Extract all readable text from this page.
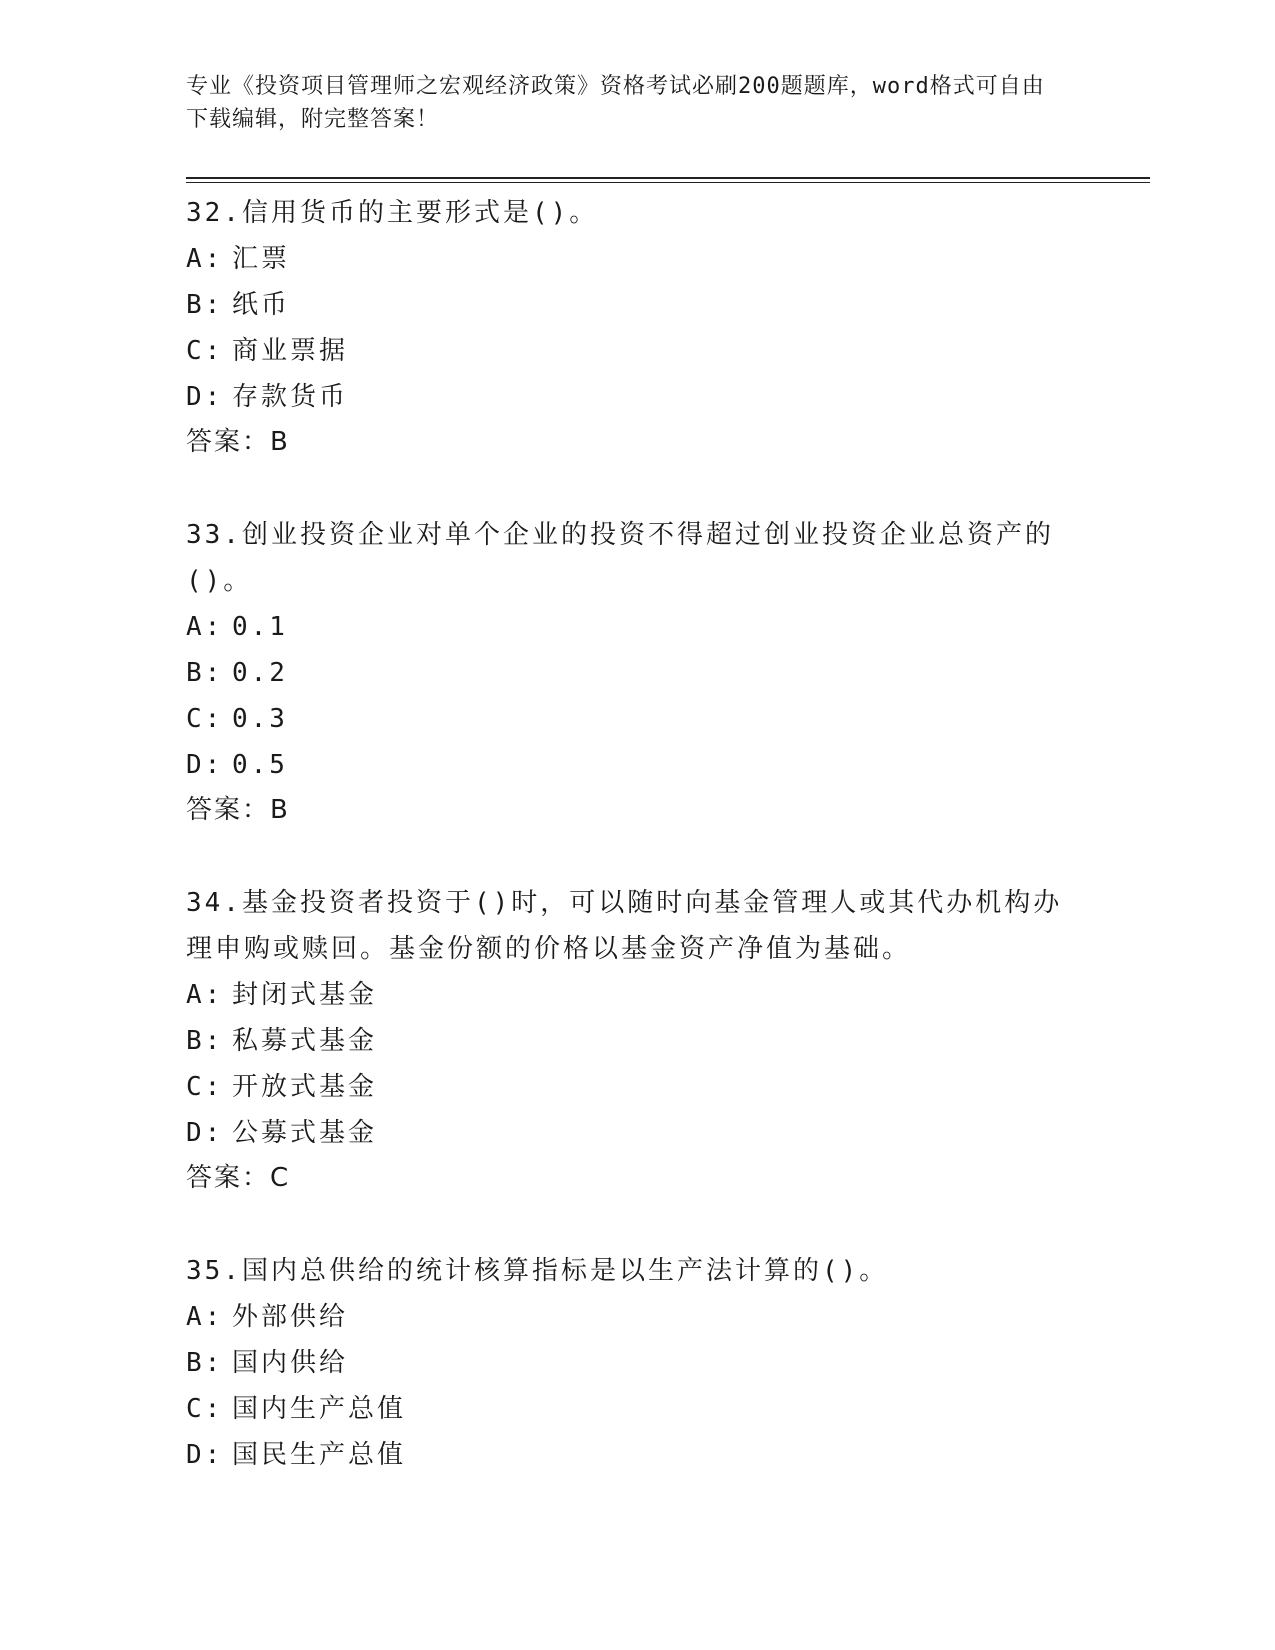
专业《投资项目管理师之宏观经济政策》资格考试必刷200题题库，word格式可自由下载编辑，附完整答案！
32.信用货币的主要形式是()。
A: 汇票
B: 纸币
C: 商业票据
D: 存款货币
答案：B
33.创业投资企业对单个企业的投资不得超过创业投资企业总资产的()。
A: 0.1
B: 0.2
C: 0.3
D: 0.5
答案：B
34.基金投资者投资于()时，可以随时向基金管理人或其代办机构办理申购或赎回。基金份额的价格以基金资产净值为基础。
A: 封闭式基金
B: 私募式基金
C: 开放式基金
D: 公募式基金
答案：C
35.国内总供给的统计核算指标是以生产法计算的()。
A: 外部供给
B: 国内供给
C: 国内生产总值
D: 国民生产总值
